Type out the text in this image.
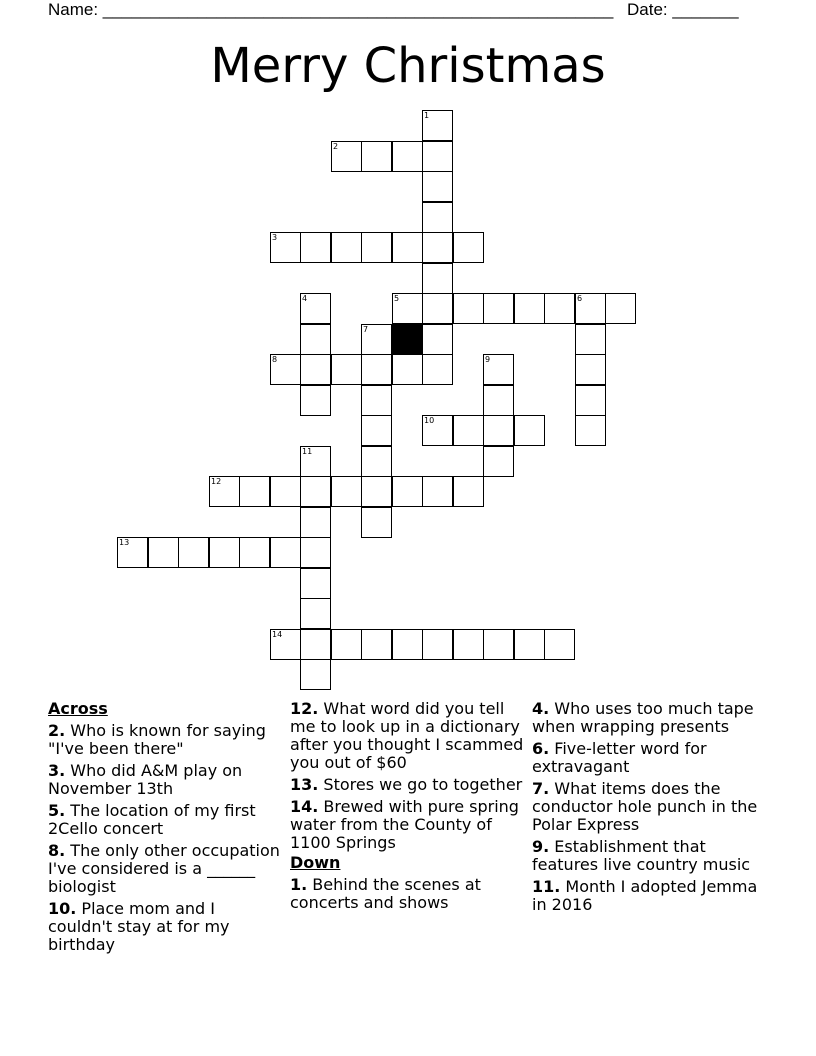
Name: ______________________________________________________ Date: _______
Merry Christmas
1
2
3
4	5	6
7
8	9
10
11
12
13
14
Across
2. Who is known for saying "I've been there"
3. Who did A&M play on November 13th
5. The location of my first 2Cello concert
8. The only other occupation I've considered is a ______ biologist
10. Place mom and I couldn't stay at for my birthday
12. What word did you tell me to look up in a dictionary after you thought I scammed you out of $60
13. Stores we go to together
14. Brewed with pure spring water from the County of 1100 Springs
Down
1. Behind the scenes at concerts and shows
4. Who uses too much tape when wrapping presents
6. Five-letter word for extravagant
7. What items does the conductor hole punch in the Polar Express
9. Establishment that features live country music
11. Month I adopted Jemma in 2016
